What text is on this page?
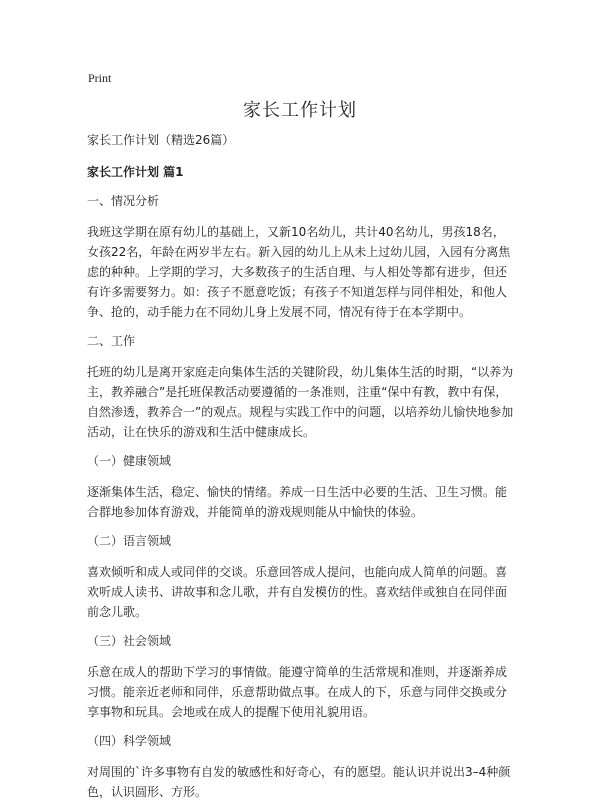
Print
家长工作计划

家长工作计划（精选26篇）

家长工作计划 篇1

一、情况分析

我班这学期在原有幼儿的基础上，又新10名幼儿，共计40名幼儿，男孩18名，女孩22名，年龄在两岁半左右。新入园的幼儿上从未上过幼儿园，入园有分离焦虑的种种。上学期的学习，大多数孩子的生活自理、与人相处等都有进步，但还有许多需要努力。如：孩子不愿意吃饭；有孩子不知道怎样与同伴相处，和他人争、抢的，动手能力在不同幼儿身上发展不同，情况有待于在本学期中。

二、工作

托班的幼儿是离开家庭走向集体生活的关键阶段，幼儿集体生活的时期，“以养为主，教养融合”是托班保教活动要遵循的一条准则，注重“保中有教，教中有保，自然渗透，教养合一”的观点。规程与实践工作中的问题，以培养幼儿愉快地参加活动，让在快乐的游戏和生活中健康成长。

（一）健康领域

逐渐集体生活，稳定、愉快的情绪。养成一日生活中必要的生活、卫生习惯。能合群地参加体育游戏，并能简单的游戏规则能从中愉快的体验。

（二）语言领域

喜欢倾听和成人或同伴的交谈。乐意回答成人提问，也能向成人简单的问题。喜欢听成人读书、讲故事和念儿歌，并有自发模仿的性。喜欢结伴或独自在同伴面前念儿歌。

（三）社会领域

乐意在成人的帮助下学习的事情做。能遵守简单的生活常规和准则，并逐渐养成习惯。能亲近老师和同伴，乐意帮助做点事。在成人的下，乐意与同伴交换或分享事物和玩具。会地或在成人的提醒下使用礼貌用语。

（四）科学领域

对周围的`许多事物有自发的敏感性和好奇心，有的愿望。能认识并说出3–4种颜色，认识圆形、方形。
